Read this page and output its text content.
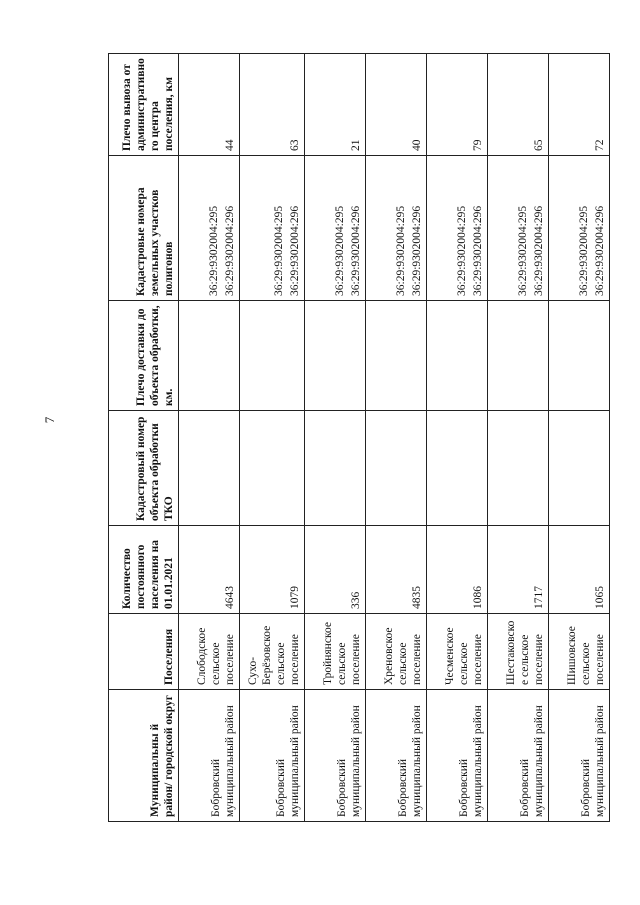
7
Муниципальны й район/ городской округ	Поселения	Количество постоянного населения на 01.01.2021	Кадастровый номер объекта обработки ТКО	Плечо доставки до объекта обработки, км.	Кадастровые номера земельных участков полигонов	Плечо вывоза от административного центра поселения, км
Бобровский муниципальный район	Слободское сельское поселение	4643			36:29:9302004:295 36:29:9302004:296	44
Бобровский муниципальный район	Сухо-Берёзовское сельское поселение	1079			36:29:9302004:295 36:29:9302004:296	63
Бобровский муниципальный район	Тройнянское сельское поселение	336			36:29:9302004:295 36:29:9302004:296	21
Бобровский муниципальный район	Хреновское сельское поселение	4835			36:29:9302004:295 36:29:9302004:296	40
Бобровский муниципальный район	Чесменское сельское поселение	1086			36:29:9302004:295 36:29:9302004:296	79
Бобровский муниципальный район	Шестаковское сельское поселение	1717			36:29:9302004:295 36:29:9302004:296	65
Бобровский муниципальный район	Шишовское сельское поселение	1065			36:29:9302004:295 36:29:9302004:296	72
